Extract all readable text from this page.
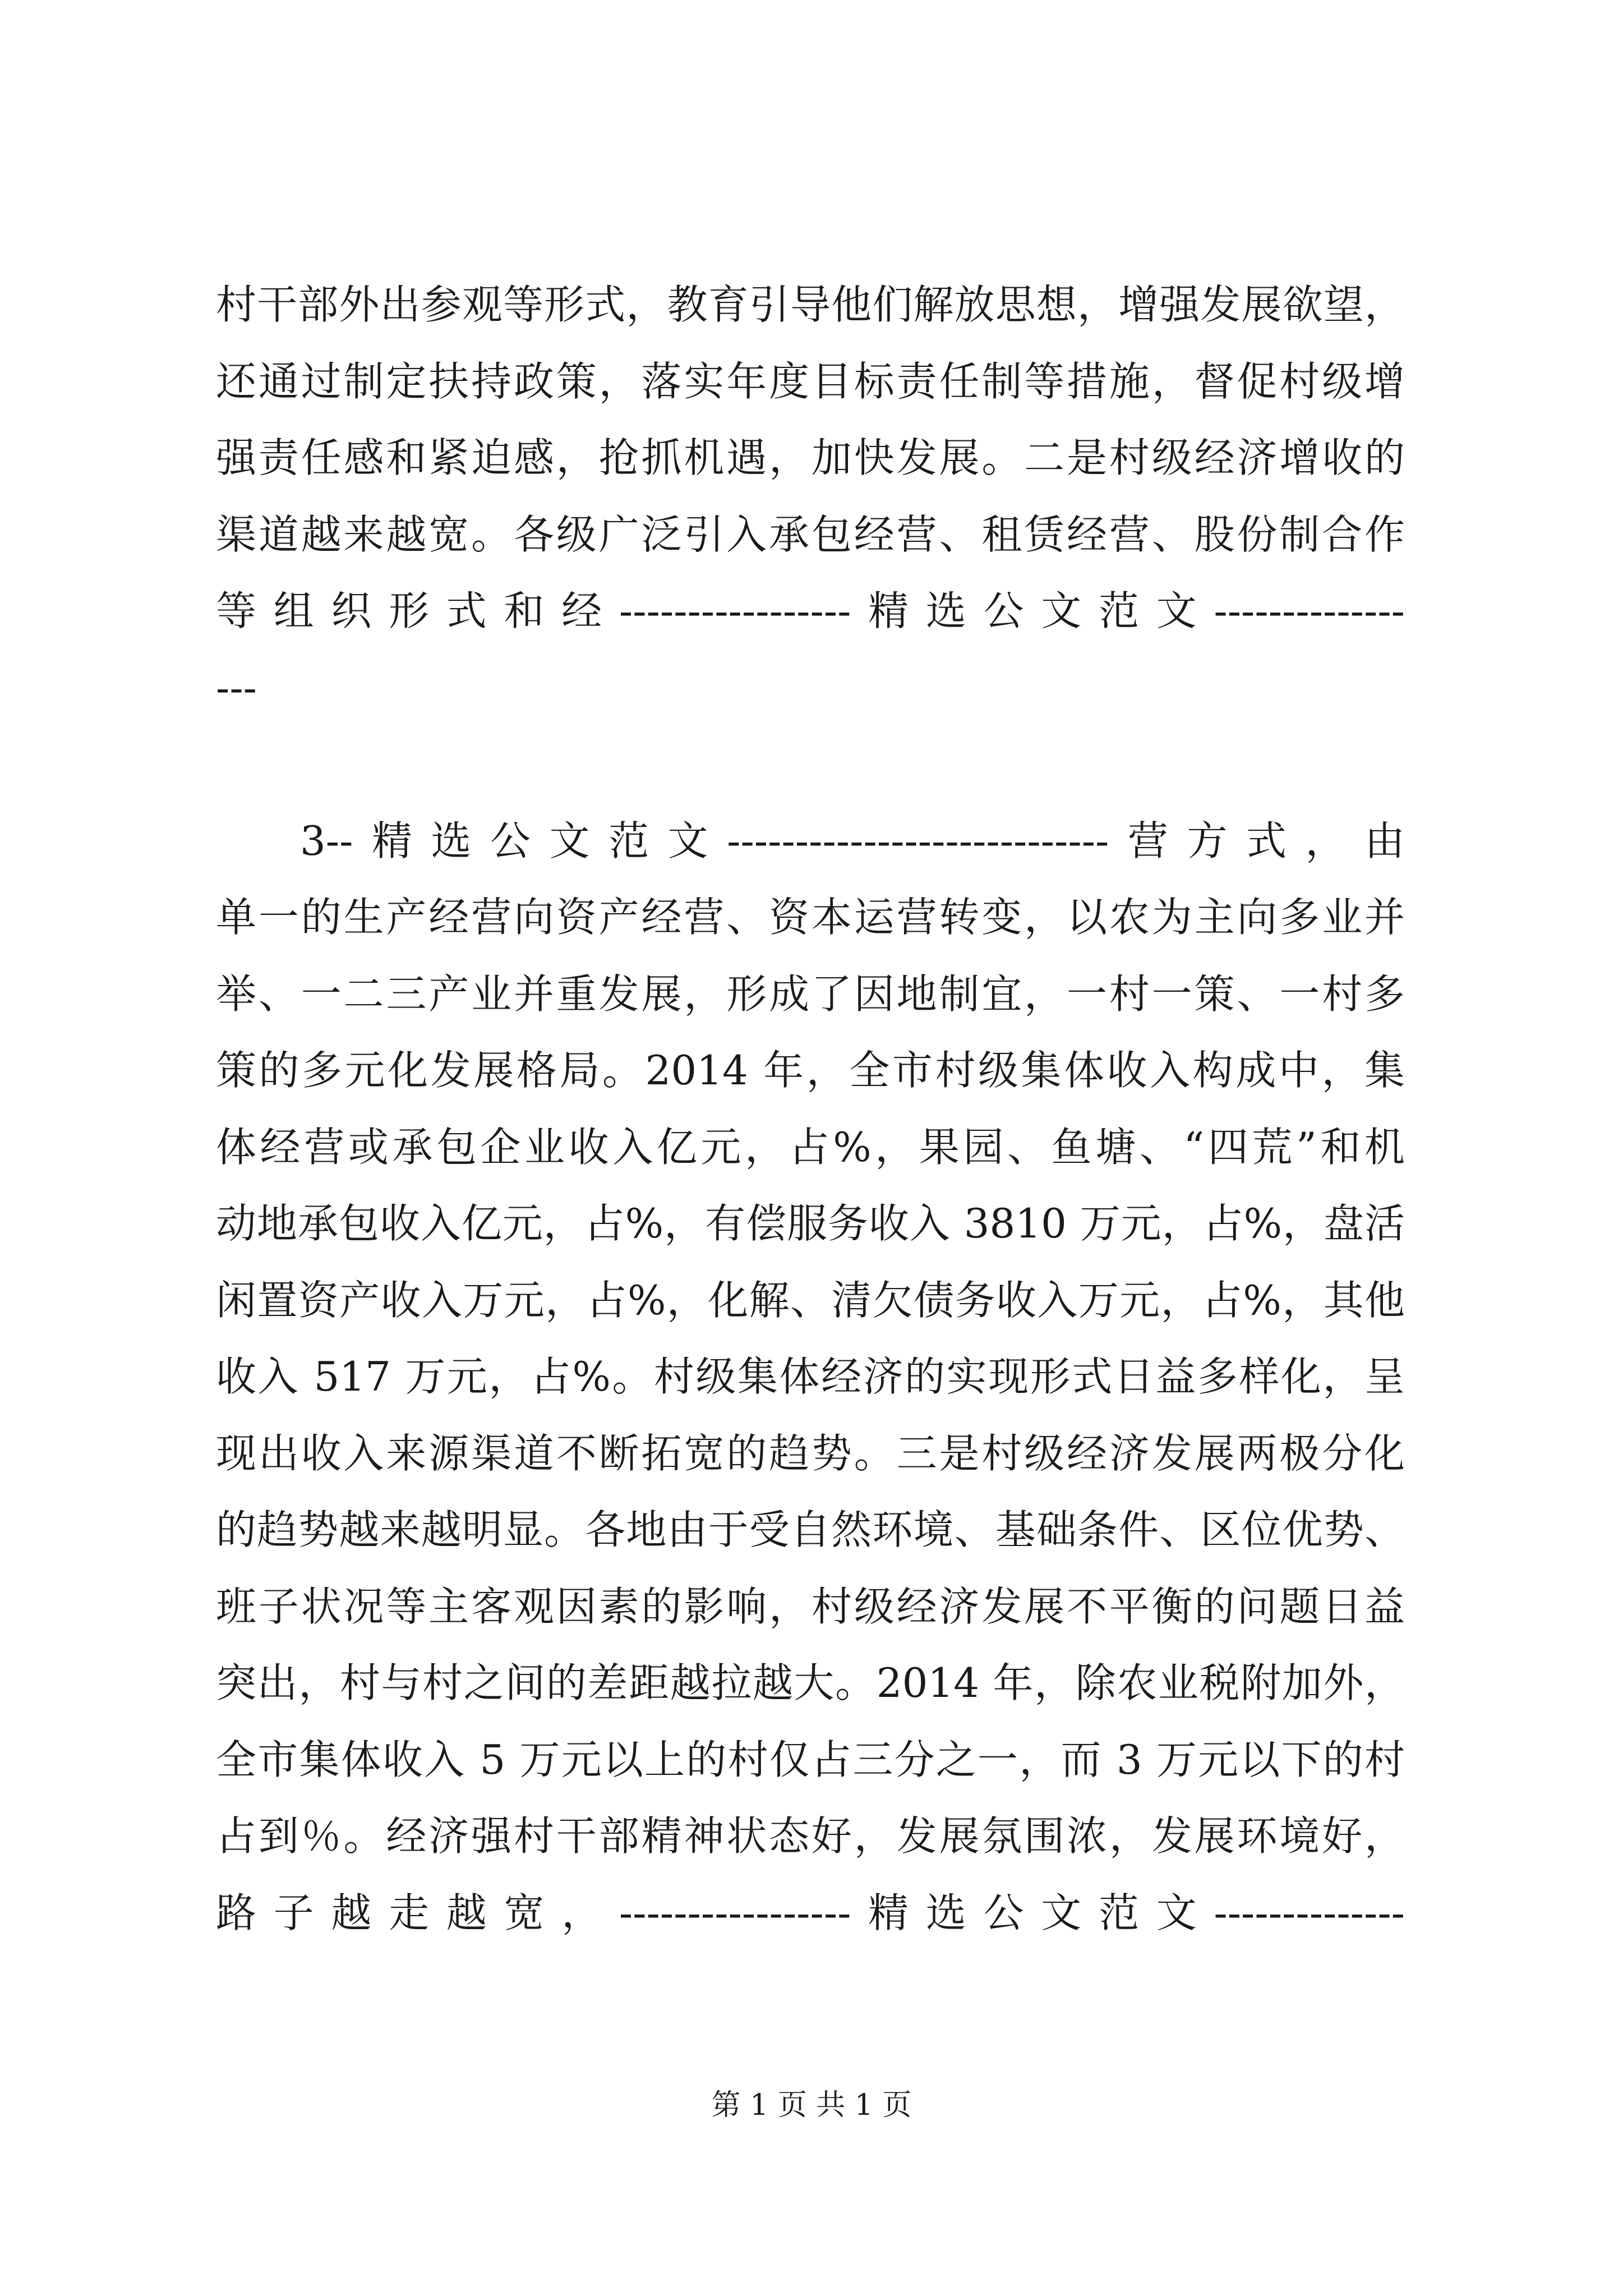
村干部外出参观等形式，教育引导他们解放思想，增强发展欲望，
还通过制定扶持政策，落实年度目标责任制等措施，督促村级增
强责任感和紧迫感，抢抓机遇，加快发展。二是村级经济增收的
渠道越来越宽。各级广泛引入承包经营、租赁经营、股份制合作
等组织形式和经-----------------精选公文范文--------------
---
3--精选公文范文----------------------------营方式，由
单一的生产经营向资产经营、资本运营转变，以农为主向多业并
举、一二三产业并重发展，形成了因地制宜，一村一策、一村多
策的多元化发展格局。2014 年，全市村级集体收入构成中，集
体经营或承包企业收入亿元，占%，果园、鱼塘、“四荒”和机
动地承包收入亿元，占%，有偿服务收入 3810 万元，占%，盘活
闲置资产收入万元，占%，化解、清欠债务收入万元，占%，其他
收入 517 万元，占%。村级集体经济的实现形式日益多样化，呈
现出收入来源渠道不断拓宽的趋势。三是村级经济发展两极分化
的趋势越来越明显。各地由于受自然环境、基础条件、区位优势、
班子状况等主客观因素的影响，村级经济发展不平衡的问题日益
突出，村与村之间的差距越拉越大。2014 年，除农业税附加外，
全市集体收入 5 万元以上的村仅占三分之一，而 3 万元以下的村
占到％。经济强村干部精神状态好，发展氛围浓，发展环境好，
路子越走越宽，-----------------精选公文范文--------------
第 1 页 共 1 页
